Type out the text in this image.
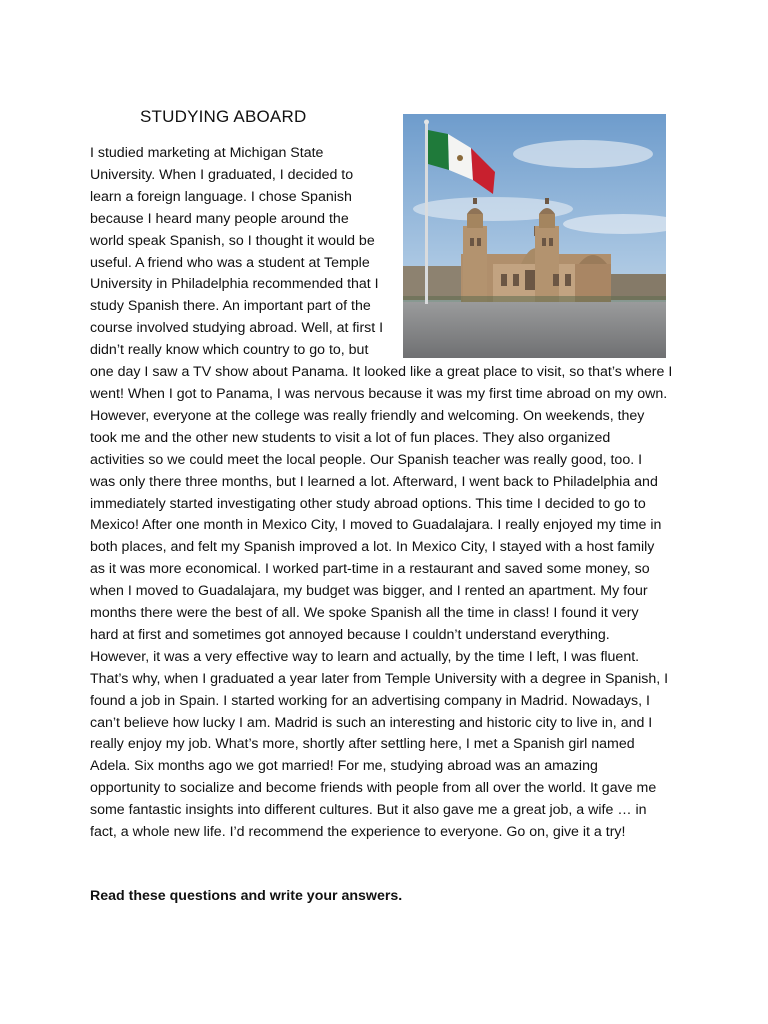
STUDYING ABOARD
I studied marketing at Michigan State
University. When I graduated, I decided to
learn a foreign language. I chose Spanish
because I heard many people around the
world speak Spanish, so I thought it would be
useful. A friend who was a student at Temple
University in Philadelphia recommended that I
study Spanish there. An important part of the
course involved studying abroad. Well, at first I
didn’t really know which country to go to, but
one day I saw a TV show about Panama. It looked like a great place to visit, so that’s where I
went! When I got to Panama, I was nervous because it was my first time abroad on my own.
However, everyone at the college was really friendly and welcoming. On weekends, they
took me and the other new students to visit a lot of fun places. They also organized
activities so we could meet the local people. Our Spanish teacher was really good, too. I
was only there three months, but I learned a lot. Afterward, I went back to Philadelphia and
immediately started investigating other study abroad options. This time I decided to go to
Mexico! After one month in Mexico City, I moved to Guadalajara. I really enjoyed my time in
both places, and felt my Spanish improved a lot. In Mexico City, I stayed with a host family
as it was more economical. I worked part-time in a restaurant and saved some money, so
when I moved to Guadalajara, my budget was bigger, and I rented an apartment. My four
months there were the best of all. We spoke Spanish all the time in class! I found it very
hard at first and sometimes got annoyed because I couldn’t understand everything.
However, it was a very effective way to learn and actually, by the time I left, I was fluent.
That’s why, when I graduated a year later from Temple University with a degree in Spanish, I
found a job in Spain. I started working for an advertising company in Madrid. Nowadays, I
can’t believe how lucky I am. Madrid is such an interesting and historic city to live in, and I
really enjoy my job. What’s more, shortly after settling here, I met a Spanish girl named
Adela. Six months ago we got married! For me, studying abroad was an amazing
opportunity to socialize and become friends with people from all over the world. It gave me
some fantastic insights into different cultures. But it also gave me a great job, a wife … in
fact, a whole new life. I’d recommend the experience to everyone. Go on, give it a try!
Read these questions and write your answers.
